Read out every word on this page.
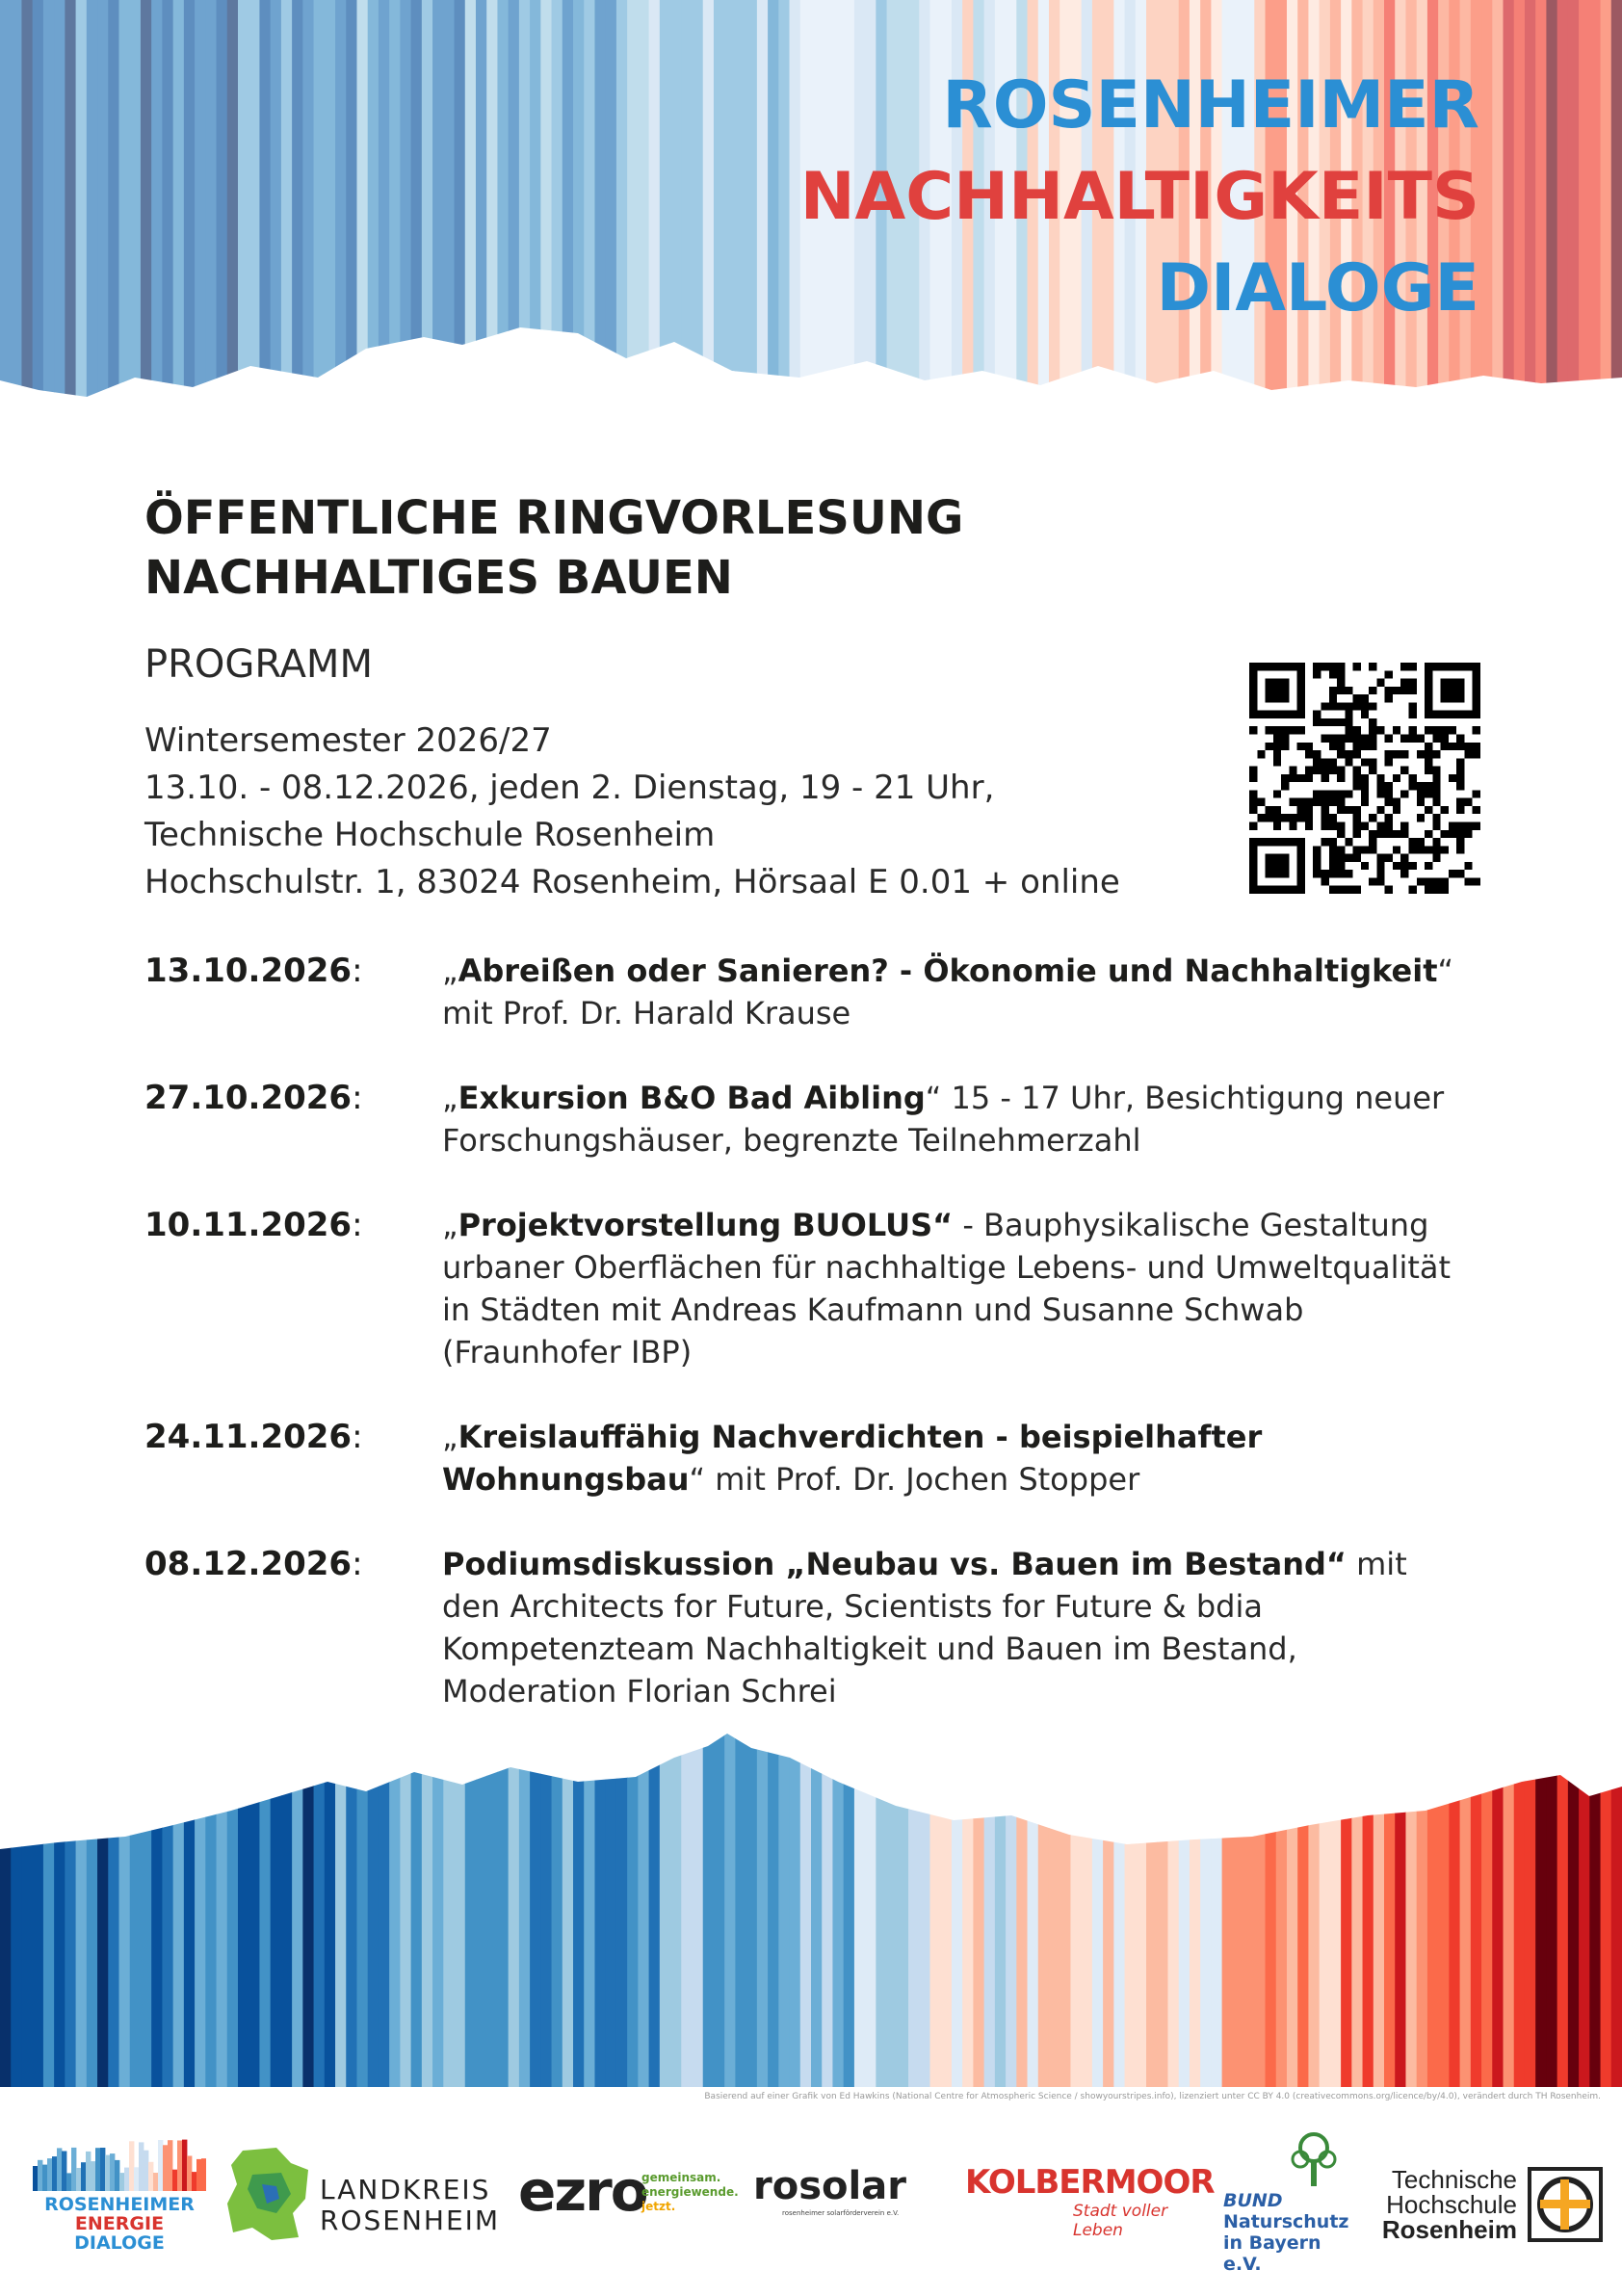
ROSENHEIMER
NACHHALTIGKEITS
DIALOGE
ÖFFENTLICHE RINGVORLESUNG
NACHHALTIGES BAUEN
PROGRAMM
Wintersemester 2026/27
13.10. - 08.12.2026, jeden 2. Dienstag, 19 - 21 Uhr,
Technische Hochschule Rosenheim
Hochschulstr. 1, 83024 Rosenheim, Hörsaal E 0.01 + online
13.10.2026:	„Abreißen oder Sanieren? - Ökonomie und Nachhaltigkeit“ mit Prof. Dr. Harald Krause
27.10.2026:	„Exkursion B&O Bad Aibling“ 15 - 17 Uhr, Besichtigung neuer Forschungshäuser, begrenzte Teilnehmerzahl
10.11.2026:	„Projektvorstellung BUOLUS“ - Bauphysikalische Gestaltung urbaner Oberflächen für nachhaltige Lebens- und Umweltqualität in Städten mit Andreas Kaufmann und Susanne Schwab (Fraunhofer IBP)
24.11.2026:	„Kreislauffähig Nachverdichten - beispielhafter Wohnungsbau“ mit Prof. Dr. Jochen Stopper
08.12.2026:	Podiumsdiskussion „Neubau vs. Bauen im Bestand“ mit den Architects for Future, Scientists for Future & bdia Kompetenzteam Nachhaltigkeit und Bauen im Bestand, Moderation Florian Schrei
Basierend auf einer Grafik von Ed Hawkins (National Centre for Atmospheric Science / showyourstripes.info), lizenziert unter CC BY 4.0 (creativecommons.org/licence/by/4.0), verändert durch TH Rosenheim.
ROSENHEIMER
ENERGIE
DIALOGE
LANDKREIS
ROSENHEIM ezro
gemeinsam.
energiewende.
jetzt.	rosolar
rosenheimer solarförderverein e.V.
KOLBERMOOR
Stadt voller Leben
BUND
Naturschutz
in Bayern e.V.
Technische
Hochschule
Rosenheim
